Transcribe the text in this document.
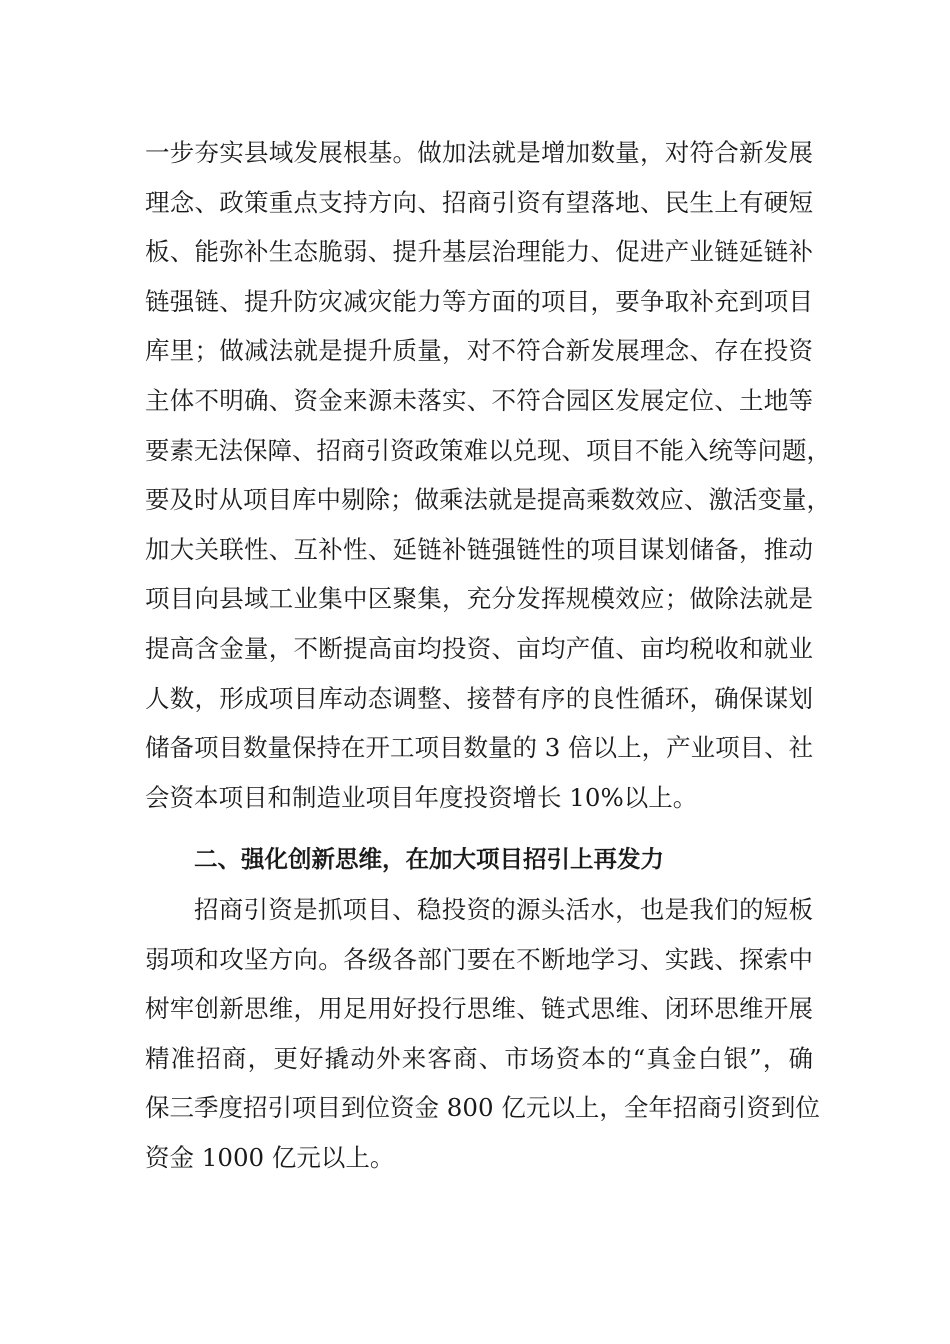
一步夯实县域发展根基。做加法就是增加数量，对符合新发展
理念、政策重点支持方向、招商引资有望落地、民生上有硬短
板、能弥补生态脆弱、提升基层治理能力、促进产业链延链补
链强链、提升防灾减灾能力等方面的项目，要争取补充到项目
库里；做减法就是提升质量，对不符合新发展理念、存在投资
主体不明确、资金来源未落实、不符合园区发展定位、土地等
要素无法保障、招商引资政策难以兑现、项目不能入统等问题，
要及时从项目库中剔除；做乘法就是提高乘数效应、激活变量，
加大关联性、互补性、延链补链强链性的项目谋划储备，推动
项目向县域工业集中区聚集，充分发挥规模效应；做除法就是
提高含金量，不断提高亩均投资、亩均产值、亩均税收和就业
人数，形成项目库动态调整、接替有序的良性循环，确保谋划
储备项目数量保持在开工项目数量的 3 倍以上，产业项目、社
会资本项目和制造业项目年度投资增长 10%以上。
二、强化创新思维，在加大项目招引上再发力
招商引资是抓项目、稳投资的源头活水，也是我们的短板
弱项和攻坚方向。各级各部门要在不断地学习、实践、探索中
树牢创新思维，用足用好投行思维、链式思维、闭环思维开展
精准招商，更好撬动外来客商、市场资本的“真金白银”，确
保三季度招引项目到位资金 800 亿元以上，全年招商引资到位
资金 1000 亿元以上。
